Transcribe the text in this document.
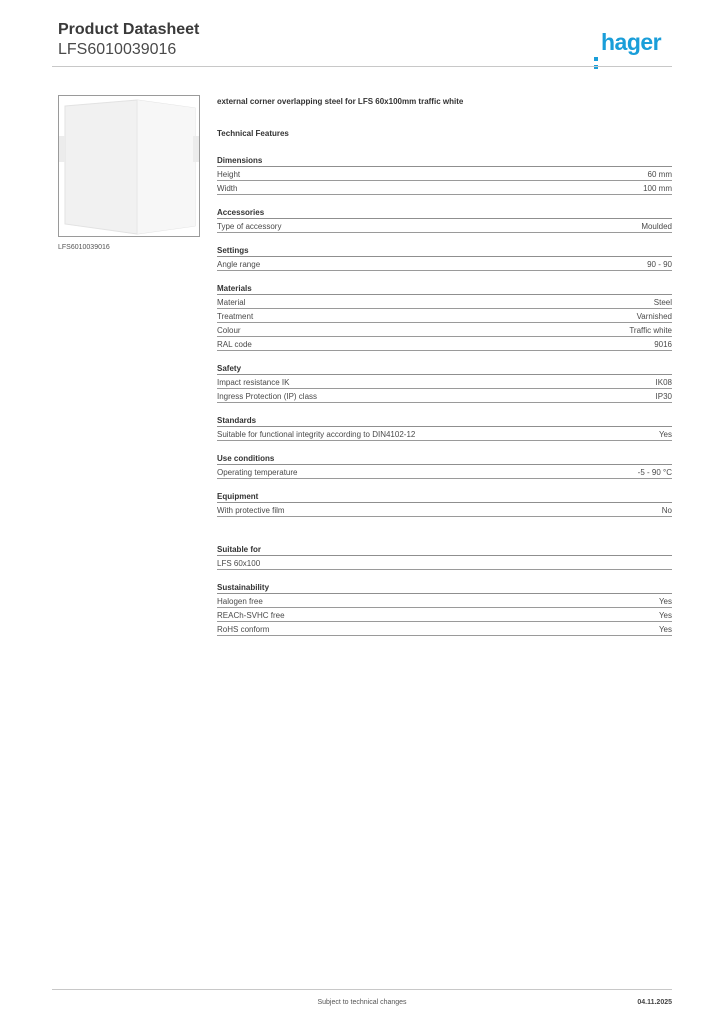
Product Datasheet
LFS6010039016	hager
LFS6010039016
external corner overlapping steel for LFS 60x100mm traffic white
Technical Features
Dimensions
Height	60 mm
Width	100 mm
Accessories
Type of accessory	Moulded
Settings
Angle range	90 - 90
Materials
Material	Steel
Treatment	Varnished
Colour	Traffic white
RAL code	9016
Safety
Impact resistance IK	IK08
Ingress Protection (IP) class	IP30
Standards
Suitable for functional integrity according to DIN4102-12	Yes
Use conditions
Operating temperature	-5 - 90 °C
Equipment
With protective film	No
Suitable for
LFS 60x100
Sustainability
Halogen free	Yes
REACh-SVHC free	Yes
RoHS conform	Yes
Subject to technical changes	04.11.2025
